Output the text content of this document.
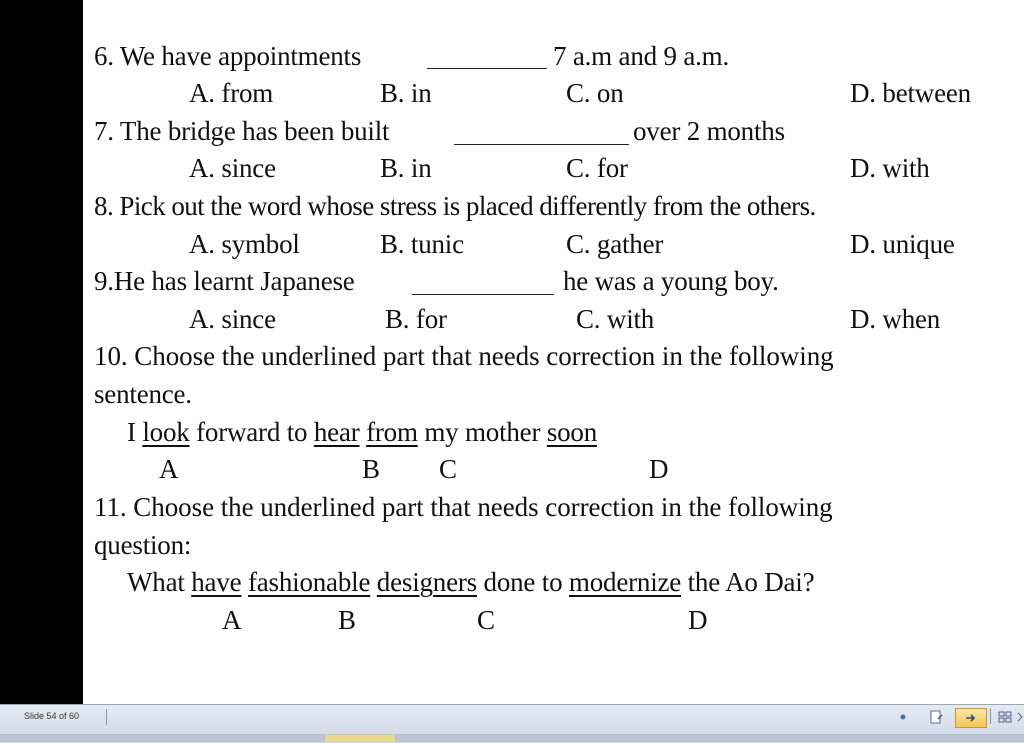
6. We have appointments	7 a.m and 9 a.m.
A. from	B. in	C. on	D. between
7. The bridge has been built	over 2 months
A. since	B. in	C. for	D. with
8. Pick out the word whose stress is placed differently from the others.
A. symbol	B. tunic	C. gather	D. unique
9.He has learnt Japanese	he was a young boy.
A. since	B. for	C. with	D. when
10. Choose the underlined part that needs correction in the following
sentence.
I look forward to hear from my mother soon
A	B C	D
11. Choose the underlined part that needs correction in the following
question:
What have fashionable designers done to modernize the Ao Dai?
A	B	C	D
Slide 54 of 60
